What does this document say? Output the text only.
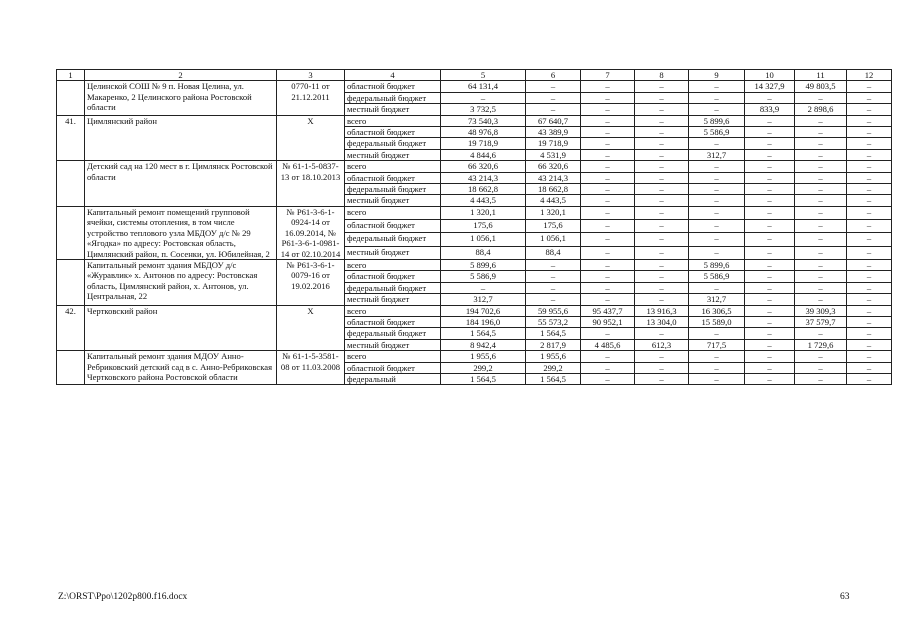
1	2	3	4	5	6	7	8	9	10	11	12
	Целинской СОШ № 9 п. Новая Целина, ул. Макаренко, 2 Целинского района Ростовской области	0770-11 от 21.12.2011	областной бюджет	64 131,4	–	–	–	–	14 327,9	49 803,5	–
			федеральный бюджет	–	–	–	–	–	–	–	–
			местный бюджет	3 732,5	–	–	–	–	833,9	2 898,6	–
41.	Цимлянский район	Х	всего	73 540,3	67 640,7	–	–	5 899,6	–	–	–
			областной бюджет	48 976,8	43 389,9	–	–	5 586,9	–	–	–
			федеральный бюджет	19 718,9	19 718,9	–	–	–	–	–	–
			местный бюджет	4 844,6	4 531,9	–	–	312,7	–	–	–
	Детский сад на 120 мест в г. Цимлянск Ростовской области	№ 61-1-5-0837-13 от 18.10.2013	всего	66 320,6	66 320,6	–	–	–	–	–	–
			областной бюджет	43 214,3	43 214,3	–	–	–	–	–	–
			федеральный бюджет	18 662,8	18 662,8	–	–	–	–	–	–
			местный бюджет	4 443,5	4 443,5	–	–	–	–	–	–
	Капитальный ремонт помещений групповой ячейки, системы отопления, в том числе устройство теплового узла МБДОУ д/с № 29 «Ягодка» по адресу: Ростовская область, Цимлянский район, п. Сосенки, ул. Юбилейная, 2	№ Р61-3-6-1-0924-14 от 16.09.2014, № Р61-3-6-1-0981-14 от 02.10.2014	всего	1 320,1	1 320,1	–	–	–	–	–	–
			областной бюджет	175,6	175,6	–	–	–	–	–	–
			федеральный бюджет	1 056,1	1 056,1	–	–	–	–	–	–
			местный бюджет	88,4	88,4	–	–	–	–	–	–
	Капитальный ремонт здания МБДОУ д/с «Журавлик» х. Антонов по адресу: Ростовская область, Цимлянский район, х. Антонов, ул. Центральная, 22	№ Р61-3-6-1-0079-16 от 19.02.2016	всего	5 899,6	–	–	–	5 899,6	–	–	–
			областной бюджет	5 586,9	–	–	–	5 586,9	–	–	–
			федеральный бюджет	–	–	–	–	–	–	–	–
			местный бюджет	312,7	–	–	–	312,7	–	–	–
42.	Чертковский район	Х	всего	194 702,6	59 955,6	95 437,7	13 916,3	16 306,5	–	39 309,3	–
			областной бюджет	184 196,0	55 573,2	90 952,1	13 304,0	15 589,0	–	37 579,7	–
			федеральный бюджет	1 564,5	1 564,5	–	–	–	–	–	–
			местный бюджет	8 942,4	2 817,9	4 485,6	612,3	717,5	–	1 729,6	–
	Капитальный ремонт здания МДОУ Анно-Ребриковский детский сад в с. Анно-Ребриковская Чертковского района Ростовской области	№ 61-1-5-3581-08 от 11.03.2008	всего	1 955,6	1 955,6	–	–	–	–	–	–
			областной бюджет	299,2	299,2	–	–	–	–	–	–
			федеральный	1 564,5	1 564,5	–	–	–	–	–	–
Z:\ORST\Ppo\1202p800.f16.docx	63
